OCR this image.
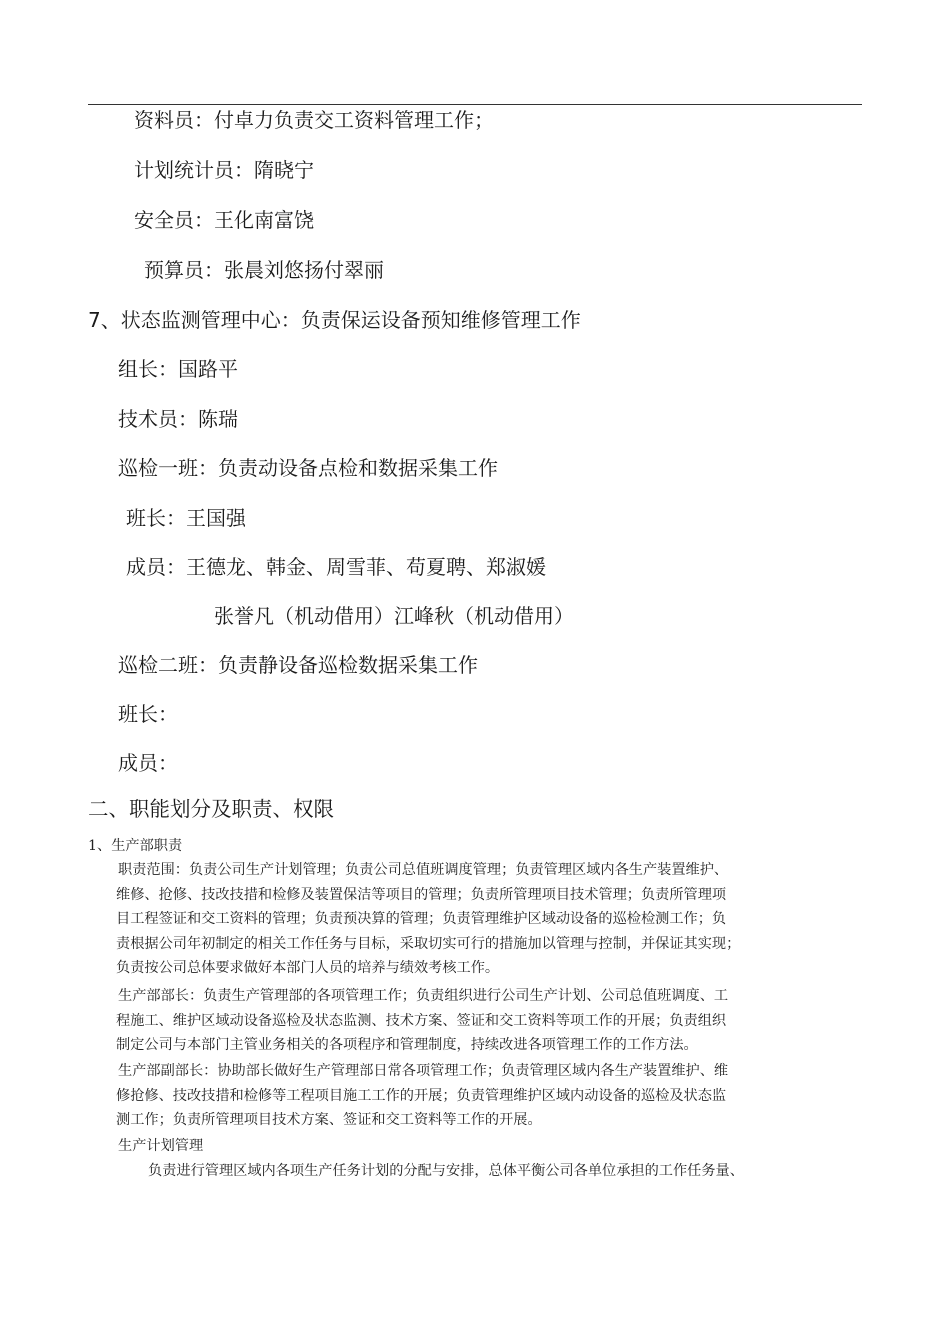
资料员：付卓力负责交工资料管理工作；
计划统计员：隋晓宁
安全员：王化南富饶
预算员：张晨刘悠扬付翠丽
7、状态监测管理中心：负责保运设备预知维修管理工作
组长：国路平
技术员：陈瑞
巡检一班：负责动设备点检和数据采集工作
班长：王国强
成员：王德龙、韩金、周雪菲、苟夏聘、郑淑媛
张誉凡（机动借用）江峰秋（机动借用）
巡检二班：负责静设备巡检数据采集工作
班长：
成员：
二、职能划分及职责、权限
1、生产部职责
职责范围：负责公司生产计划管理；负责公司总值班调度管理；负责管理区域内各生产装置维护、
维修、抢修、技改技措和检修及装置保洁等项目的管理；负责所管理项目技术管理；负责所管理项
目工程签证和交工资料的管理；负责预决算的管理；负责管理维护区域动设备的巡检检测工作；负
责根据公司年初制定的相关工作任务与目标，采取切实可行的措施加以管理与控制，并保证其实现；
负责按公司总体要求做好本部门人员的培养与绩效考核工作。
生产部部长：负责生产管理部的各项管理工作；负责组织进行公司生产计划、公司总值班调度、工
程施工、维护区域动设备巡检及状态监测、技术方案、签证和交工资料等项工作的开展；负责组织
制定公司与本部门主管业务相关的各项程序和管理制度，持续改进各项管理工作的工作方法。
生产部副部长：协助部长做好生产管理部日常各项管理工作；负责管理区域内各生产装置维护、维
修抢修、技改技措和检修等工程项目施工工作的开展；负责管理维护区域内动设备的巡检及状态监
测工作；负责所管理项目技术方案、签证和交工资料等工作的开展。
生产计划管理
负责进行管理区域内各项生产任务计划的分配与安排，总体平衡公司各单位承担的工作任务量、
